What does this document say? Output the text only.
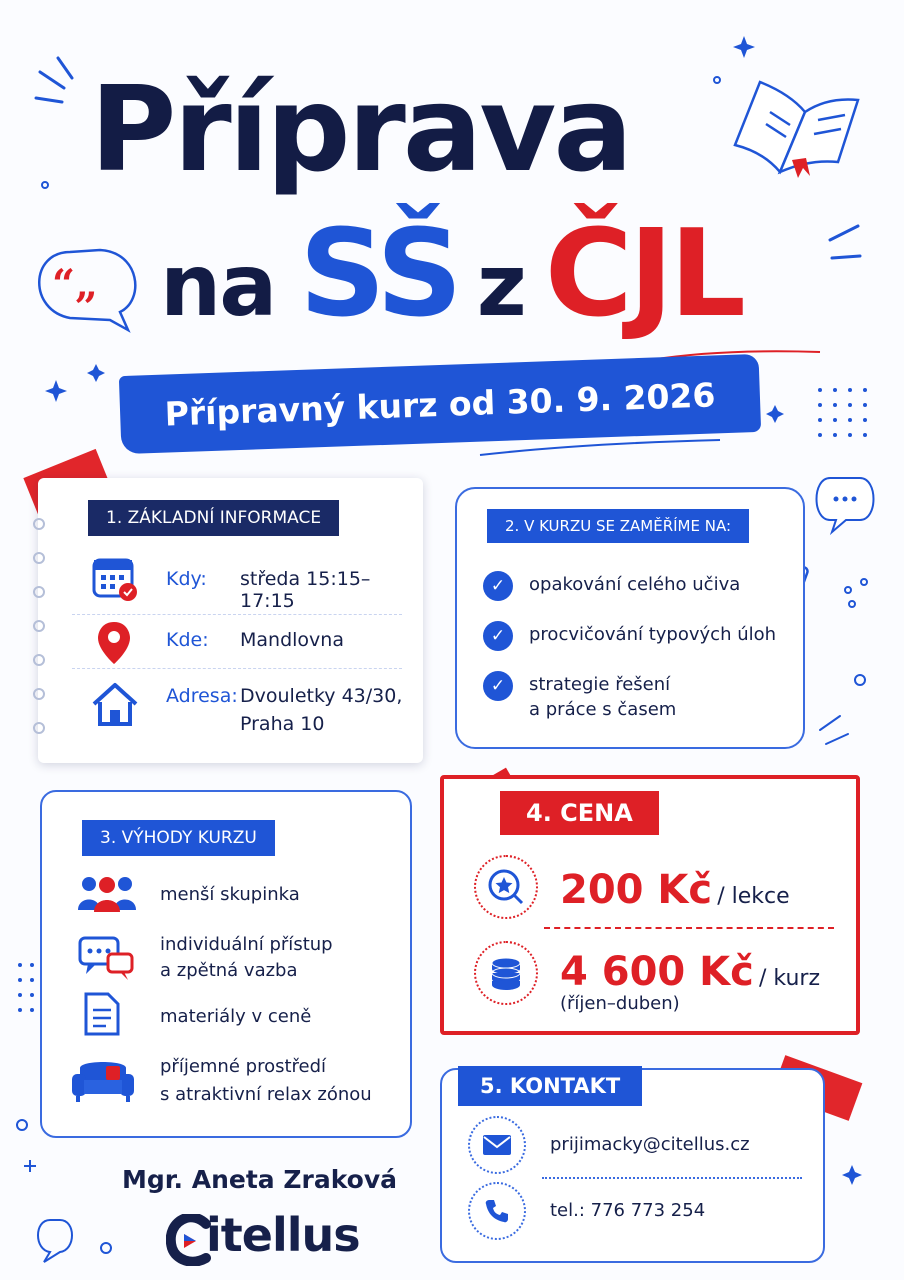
“„
Příprava
na SŠ z ČJL
Přípravný kurz od 30. 9. 2026
1. ZÁKLADNÍ INFORMACE
Kdy: středa 15:15–17:15
Kde: Mandlovna
Adresa: Dvouletky 43/30,
Praha 10
2. V KURZU SE ZAMĚŘÍME NA:
✓	opakování celého učiva
✓	procvičování typových úloh
✓	strategie řešení
a práce s časem
3. VÝHODY KURZU
menší skupinka
individuální přístup
a zpětná vazba
materiály v ceně
příjemné prostředí
s atraktivní relax zónou
4. CENA
200 Kč / lekce
4 600 Kč / kurz
(říjen–duben)
5. KONTAKT
prijimacky@citellus.cz
tel.: 776 773 254
Mgr. Aneta Zraková
itellus
